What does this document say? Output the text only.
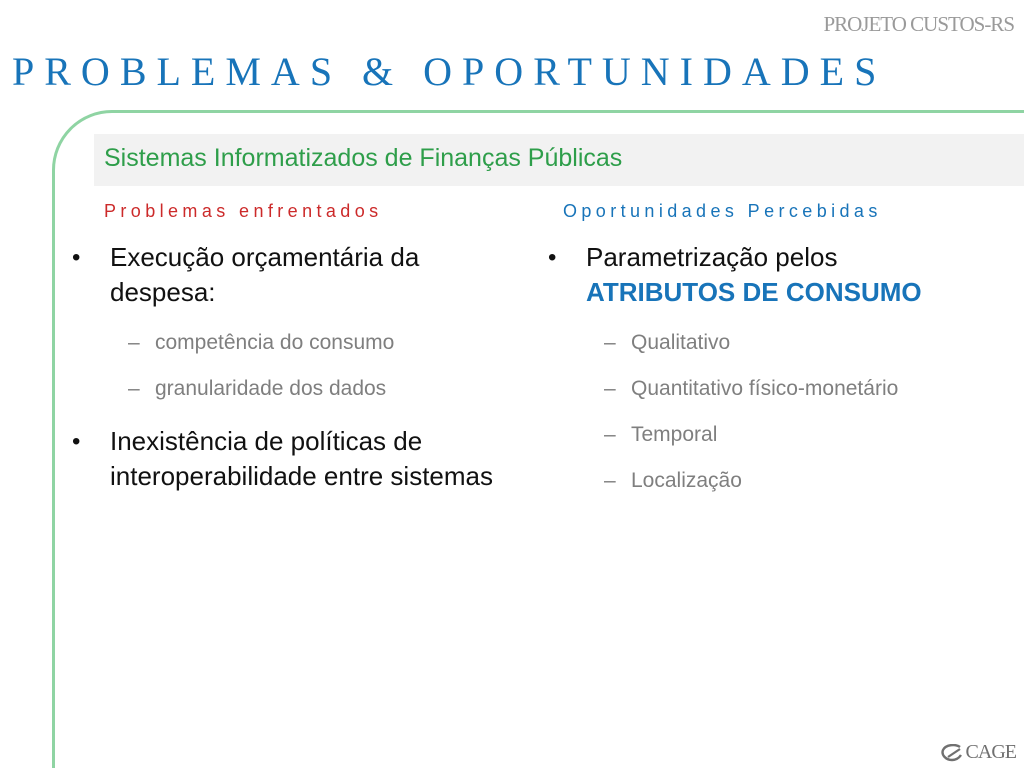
PROJETO CUSTOS-RS
PROBLEMAS & OPORTUNIDADES
Sistemas Informatizados de Finanças Públicas
Problemas enfrentados	Oportunidades Percebidas
• Execução orçamentária da despesa:
– competência do consumo
– granularidade dos dados
• Inexistência de políticas de interoperabilidade entre sistemas
• Parametrização pelos
ATRIBUTOS DE CONSUMO
– Qualitativo
– Quantitativo físico-monetário
– Temporal
– Localização
CAGE
